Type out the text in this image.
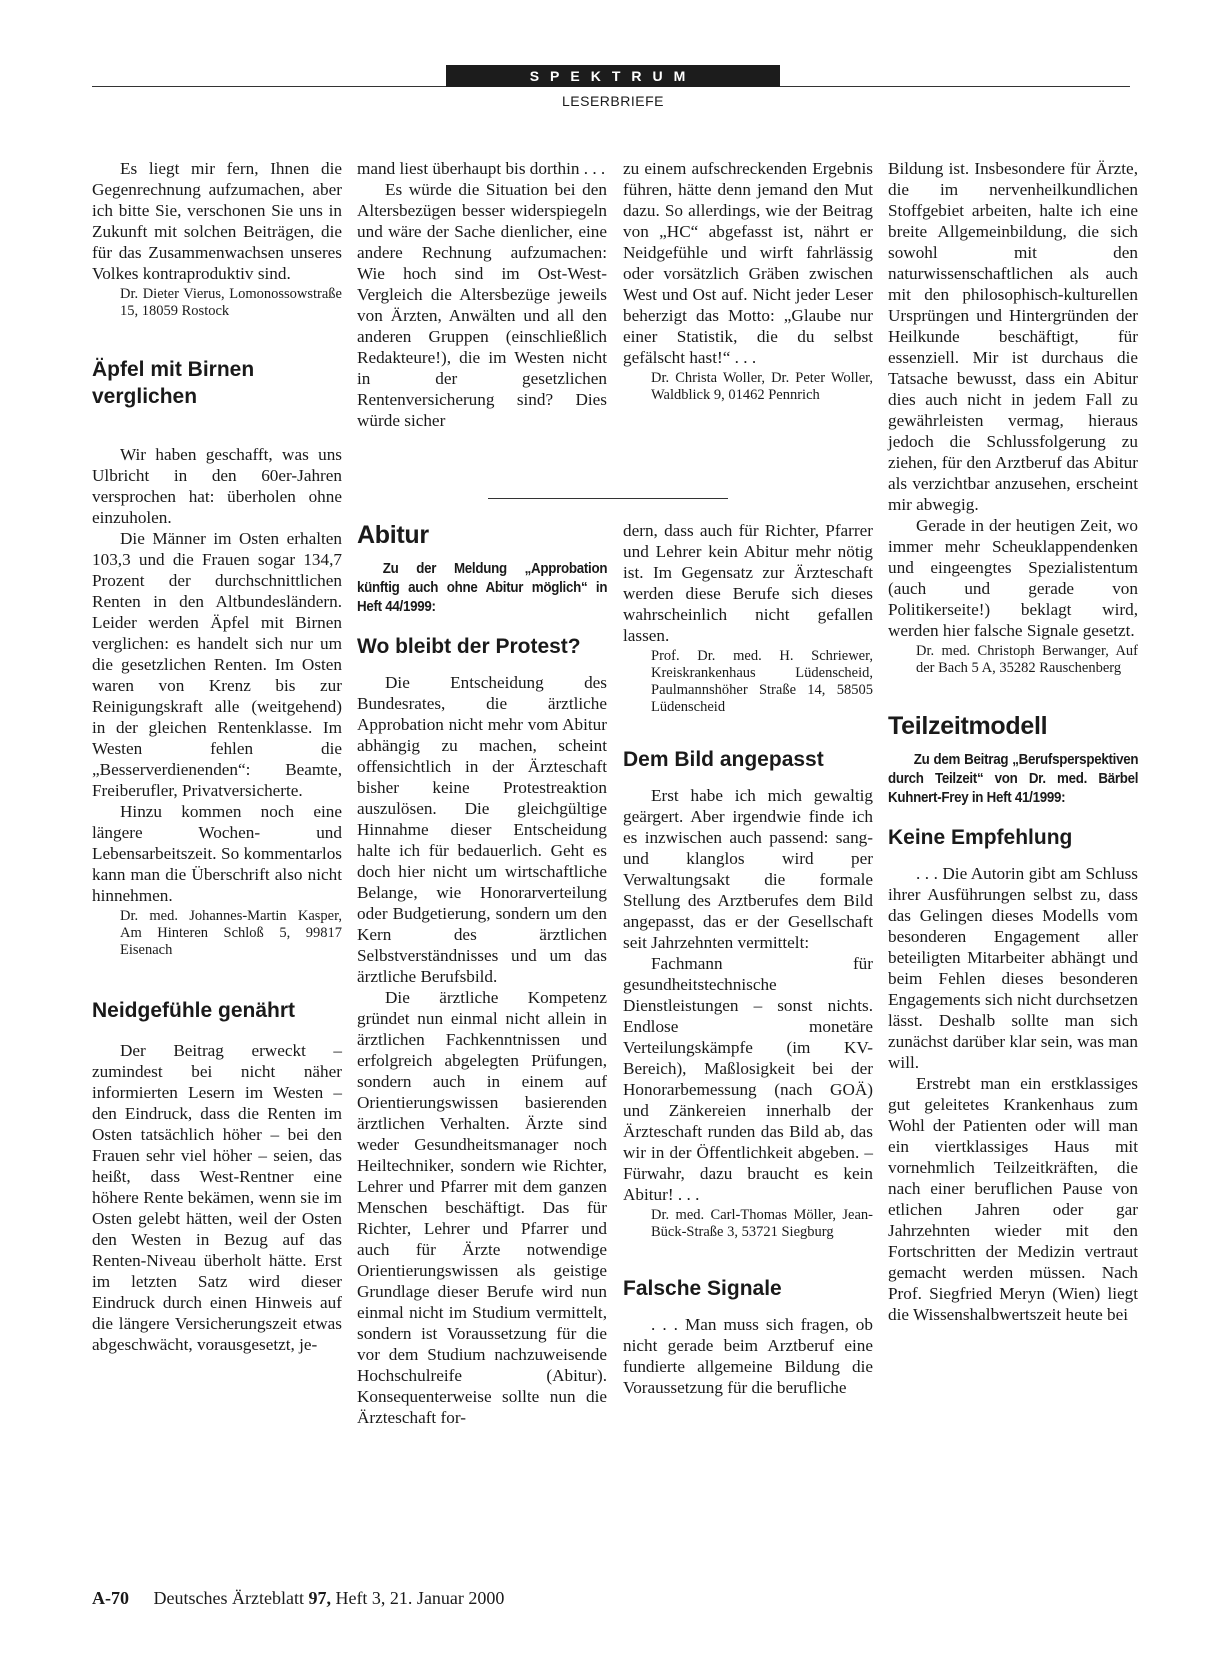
SPEKTRUM
LESERBRIEFE

Es liegt mir fern, Ihnen die Gegenrechnung aufzumachen, aber ich bitte Sie, verschonen Sie uns in Zukunft mit solchen Beiträgen, die für das Zusammenwachsen unseres Volkes kontraproduktiv sind.

Dr. Dieter Vierus, Lomonossowstraße 15, 18059 Rostock

Äpfel mit Birnen verglichen

Wir haben geschafft, was uns Ulbricht in den 60er-Jahren versprochen hat: überholen ohne einzuholen.

Die Männer im Osten erhalten 103,3 und die Frauen sogar 134,7 Prozent der durchschnittlichen Renten in den Altbundesländern. Leider werden Äpfel mit Birnen verglichen: es handelt sich nur um die gesetzlichen Renten. Im Osten waren von Krenz bis zur Reinigungskraft alle (weitgehend) in der gleichen Rentenklasse. Im Westen fehlen die „Besserverdienenden“: Beamte, Freiberufler, Privatversicherte.

Hinzu kommen noch eine längere Wochen- und Lebensarbeitszeit. So kommentarlos kann man die Überschrift also nicht hinnehmen.

Dr. med. Johannes-Martin Kasper, Am Hinteren Schloß 5, 99817 Eisenach

Neidgefühle genährt

Der Beitrag erweckt – zumindest bei nicht näher informierten Lesern im Westen – den Eindruck, dass die Renten im Osten tatsächlich höher – bei den Frauen sehr viel höher – seien, das heißt, dass West-Rentner eine höhere Rente bekämen, wenn sie im Osten gelebt hätten, weil der Osten den Westen in Bezug auf das Renten-Niveau überholt hätte. Erst im letzten Satz wird dieser Eindruck durch einen Hinweis auf die längere Versicherungszeit etwas abgeschwächt, vorausgesetzt, je-

mand liest überhaupt bis dorthin . . .

Es würde die Situation bei den Altersbezügen besser widerspiegeln und wäre der Sache dienlicher, eine andere Rechnung aufzumachen: Wie hoch sind im Ost-West-Vergleich die Altersbezüge jeweils von Ärzten, Anwälten und all den anderen Gruppen (einschließlich Redakteure!), die im Westen nicht in der gesetzlichen Rentenversicherung sind? Dies würde sicher

zu einem aufschreckenden Ergebnis führen, hätte denn jemand den Mut dazu. So allerdings, wie der Beitrag von „HC“ abgefasst ist, nährt er Neidgefühle und wirft fahrlässig oder vorsätzlich Gräben zwischen West und Ost auf. Nicht jeder Leser beherzigt das Motto: „Glaube nur einer Statistik, die du selbst gefälscht hast!“ . . .

Dr. Christa Woller, Dr. Peter Woller, Waldblick 9, 01462 Pennrich

Abitur

Zu der Meldung „Approbation künftig auch ohne Abitur möglich“ in Heft 44/1999:

Wo bleibt der Protest?

Die Entscheidung des Bundesrates, die ärztliche Approbation nicht mehr vom Abitur abhängig zu machen, scheint offensichtlich in der Ärzteschaft bisher keine Protestreaktion auszulösen. Die gleichgültige Hinnahme dieser Entscheidung halte ich für bedauerlich. Geht es doch hier nicht um wirtschaftliche Belange, wie Honorarverteilung oder Budgetierung, sondern um den Kern des ärztlichen Selbstverständnisses und um das ärztliche Berufsbild.

Die ärztliche Kompetenz gründet nun einmal nicht allein in ärztlichen Fachkenntnissen und erfolgreich abgelegten Prüfungen, sondern auch in einem auf Orientierungswissen basierenden ärztlichen Verhalten. Ärzte sind weder Gesundheitsmanager noch Heiltechniker, sondern wie Richter, Lehrer und Pfarrer mit dem ganzen Menschen beschäftigt. Das für Richter, Lehrer und Pfarrer und auch für Ärzte notwendige Orientierungswissen als geistige Grundlage dieser Berufe wird nun einmal nicht im Studium vermittelt, sondern ist Voraussetzung für die vor dem Studium nachzuweisende Hochschulreife (Abitur). Konsequenterweise sollte nun die Ärzteschaft for-

dern, dass auch für Richter, Pfarrer und Lehrer kein Abitur mehr nötig ist. Im Gegensatz zur Ärzteschaft werden diese Berufe sich dieses wahrscheinlich nicht gefallen lassen.

Prof. Dr. med. H. Schriewer, Kreiskrankenhaus Lüdenscheid, Paulmannshöher Straße 14, 58505 Lüdenscheid

Dem Bild angepasst

Erst habe ich mich gewaltig geärgert. Aber irgendwie finde ich es inzwischen auch passend: sang- und klanglos wird per Verwaltungsakt die formale Stellung des Arztberufes dem Bild angepasst, das er der Gesellschaft seit Jahrzehnten vermittelt:

Fachmann für gesundheitstechnische Dienstleistungen – sonst nichts. Endlose monetäre Verteilungskämpfe (im KV-Bereich), Maßlosigkeit bei der Honorarbemessung (nach GOÄ) und Zänkereien innerhalb der Ärzteschaft runden das Bild ab, das wir in der Öffentlichkeit abgeben. – Fürwahr, dazu braucht es kein Abitur! . . .

Dr. med. Carl-Thomas Möller, Jean-Bück-Straße 3, 53721 Siegburg

Falsche Signale

. . . Man muss sich fragen, ob nicht gerade beim Arztberuf eine fundierte allgemeine Bildung die Voraussetzung für die berufliche

Bildung ist. Insbesondere für Ärzte, die im nervenheilkundlichen Stoffgebiet arbeiten, halte ich eine breite Allgemeinbildung, die sich sowohl mit den naturwissenschaftlichen als auch mit den philosophisch-kulturellen Ursprüngen und Hintergründen der Heilkunde beschäftigt, für essenziell. Mir ist durchaus die Tatsache bewusst, dass ein Abitur dies auch nicht in jedem Fall zu gewährleisten vermag, hieraus jedoch die Schlussfolgerung zu ziehen, für den Arztberuf das Abitur als verzichtbar anzusehen, erscheint mir abwegig.

Gerade in der heutigen Zeit, wo immer mehr Scheuklappendenken und eingeengtes Spezialistentum (auch und gerade von Politikerseite!) beklagt wird, werden hier falsche Signale gesetzt.

Dr. med. Christoph Berwanger, Auf der Bach 5 A, 35282 Rauschenberg

Teilzeitmodell

Zu dem Beitrag „Berufsperspektiven durch Teilzeit“ von Dr. med. Bärbel Kuhnert-Frey in Heft 41/1999:

Keine Empfehlung

. . . Die Autorin gibt am Schluss ihrer Ausführungen selbst zu, dass das Gelingen dieses Modells vom besonderen Engagement aller beteiligten Mitarbeiter abhängt und beim Fehlen dieses besonderen Engagements sich nicht durchsetzen lässt. Deshalb sollte man sich zunächst darüber klar sein, was man will.

Erstrebt man ein erstklassiges gut geleitetes Krankenhaus zum Wohl der Patienten oder will man ein viertklassiges Haus mit vornehmlich Teilzeitkräften, die nach einer beruflichen Pause von etlichen Jahren oder gar Jahrzehnten wieder mit den Fortschritten der Medizin vertraut gemacht werden müssen. Nach Prof. Siegfried Meryn (Wien) liegt die Wissenshalbwertszeit heute bei

A-70 Deutsches Ärzteblatt 97, Heft 3, 21. Januar 2000
